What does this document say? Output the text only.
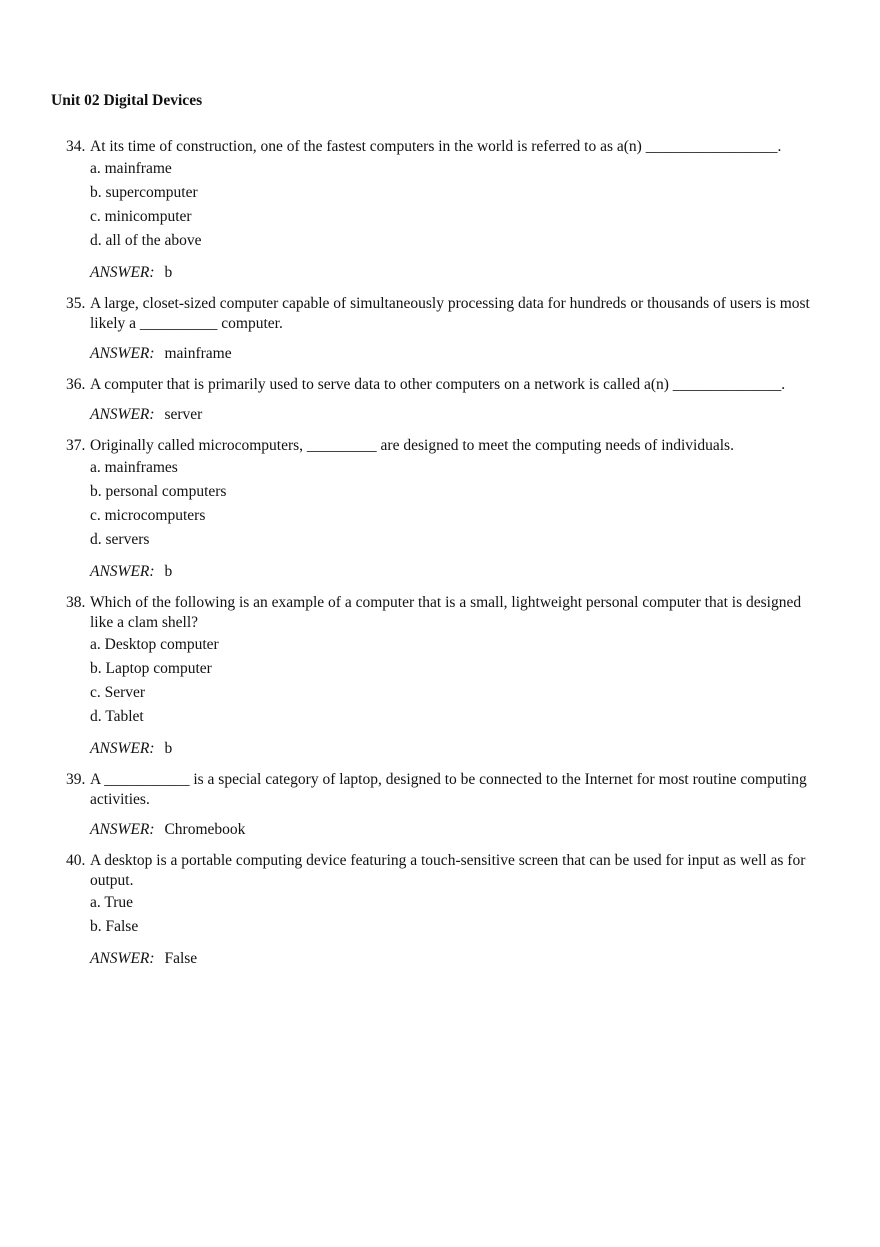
Unit 02 Digital Devices
34. At its time of construction, one of the fastest computers in the world is referred to as a(n) _________________.
a. mainframe
b. supercomputer
c. minicomputer
d. all of the above
ANSWER: b
35. A large, closet-sized computer capable of simultaneously processing data for hundreds or thousands of users is most likely a __________ computer.
ANSWER: mainframe
36. A computer that is primarily used to serve data to other computers on a network is called a(n) ______________.
ANSWER: server
37. Originally called microcomputers, _________ are designed to meet the computing needs of individuals.
a. mainframes
b. personal computers
c. microcomputers
d. servers
ANSWER: b
38. Which of the following is an example of a computer that is a small, lightweight personal computer that is designed like a clam shell?
a. Desktop computer
b. Laptop computer
c. Server
d. Tablet
ANSWER: b
39. A ___________ is a special category of laptop, designed to be connected to the Internet for most routine computing activities.
ANSWER: Chromebook
40. A desktop is a portable computing device featuring a touch-sensitive screen that can be used for input as well as for output.
a. True
b. False
ANSWER: False
